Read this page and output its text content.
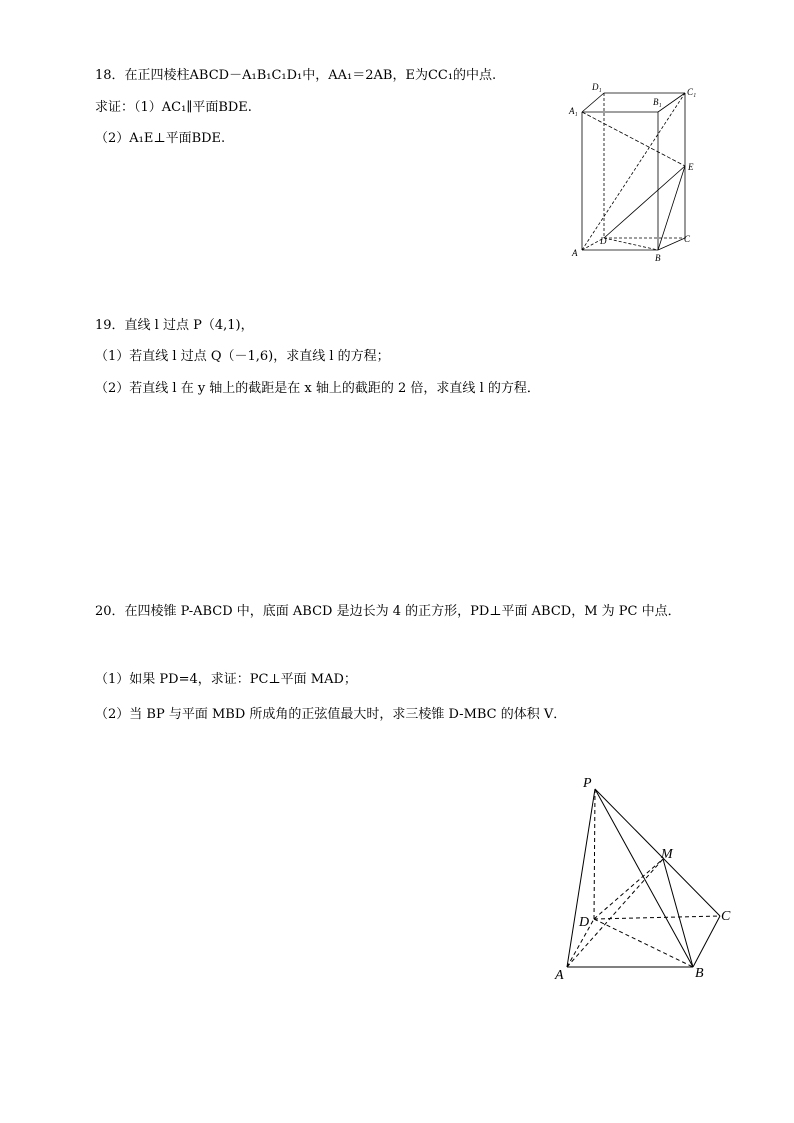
18．在正四棱柱ABCD－A₁B₁C₁D₁中，AA₁＝2AB，E为CC₁的中点.
求证：（1）AC₁∥平面BDE.
（2）A₁E⊥平面BDE.
D₁
B₁
C₁
A₁
E
D	C
A	B
19．直线 l 过点 P（4,1)，
（1）若直线 l 过点 Q（－1,6)，求直线 l 的方程；
（2）若直线 l 在 y 轴上的截距是在 x 轴上的截距的 2 倍，求直线 l 的方程．
20．在四棱锥 P-ABCD 中，底面 ABCD 是边长为 4 的正方形，PD⊥平面 ABCD，M 为 PC 中点．
（1）如果 PD=4，求证：PC⊥平面 MAD；
（2）当 BP 与平面 MBD 所成角的正弦值最大时，求三棱锥 D-MBC 的体积 V．
P
M
D	C
A	B
